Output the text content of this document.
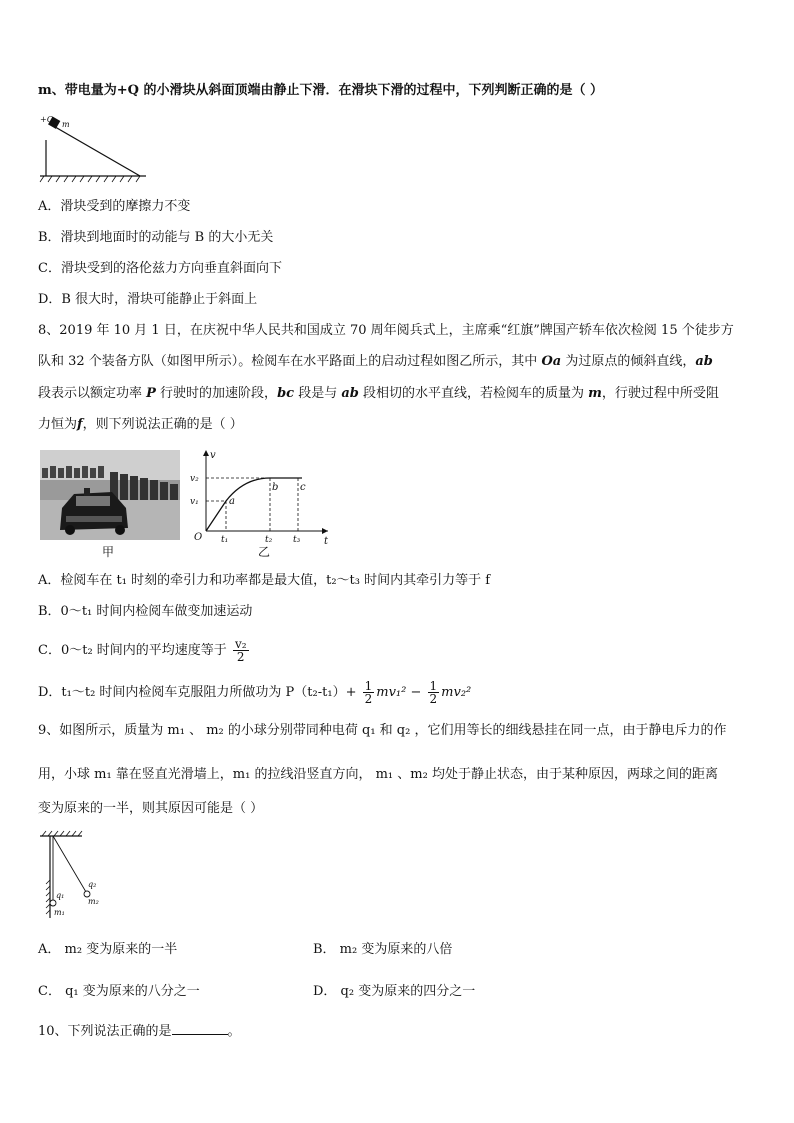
m、带电量为+Q 的小滑块从斜面顶端由静止下滑．在滑块下滑的过程中，下列判断正确的是（ ）
+Q
m
A．滑块受到的摩擦力不变
B．滑块到地面时的动能与 B 的大小无关
C．滑块受到的洛伦兹力方向垂直斜面向下
D．B 很大时，滑块可能静止于斜面上
8、2019 年 10 月 1 日，在庆祝中华人民共和国成立 70 周年阅兵式上，主席乘“红旗”牌国产轿车依次检阅 15 个徒步方
队和 32 个装备方队（如图甲所示）。检阅车在水平路面上的启动过程如图乙所示，其中 Oa 为过原点的倾斜直线，ab
段表示以额定功率 P 行驶时的加速阶段，bc 段是与 ab 段相切的水平直线，若检阅车的质量为 m，行驶过程中所受阻
力恒为f，则下列说法正确的是（ ）
甲
v
t
O
v₁
v₂
t₁	t₂ t₃
a
b c
乙
A．检阅车在 t₁ 时刻的牵引力和功率都是最大值，t₂～t₃ 时间内其牵引力等于 f
B．0～t₁ 时间内检阅车做变加速运动
C．0～t₂ 时间内的平均速度等于 $\frac{\text{v₂}}{2}$
D．t₁～t₂ 时间内检阅车克服阻力所做功为 $P(t_2-t_1)+ \frac{1}{2} mv_1^2 - \frac{1}{2} mv_2^2$
9、如图所示，质量为 m₁ 、 m₂ 的小球分别带同种电荷 q₁ 和 q₂ ，它们用等长的细线悬挂在同一点，由于静电斥力的作
用，小球 m₁ 靠在竖直光滑墙上，m₁ 的拉线沿竖直方向， m₁ 、m₂ 均处于静止状态，由于某种原因，两球之间的距离
变为原来的一半，则其原因可能是（ ）
q₁
q₂
m₁
m₂
A． m₂ 变为原来的一半	B． m₂ 变为原来的八倍
C． q₁ 变为原来的八分之一	D． q₂ 变为原来的四分之一
10、下列说法正确的是	。
